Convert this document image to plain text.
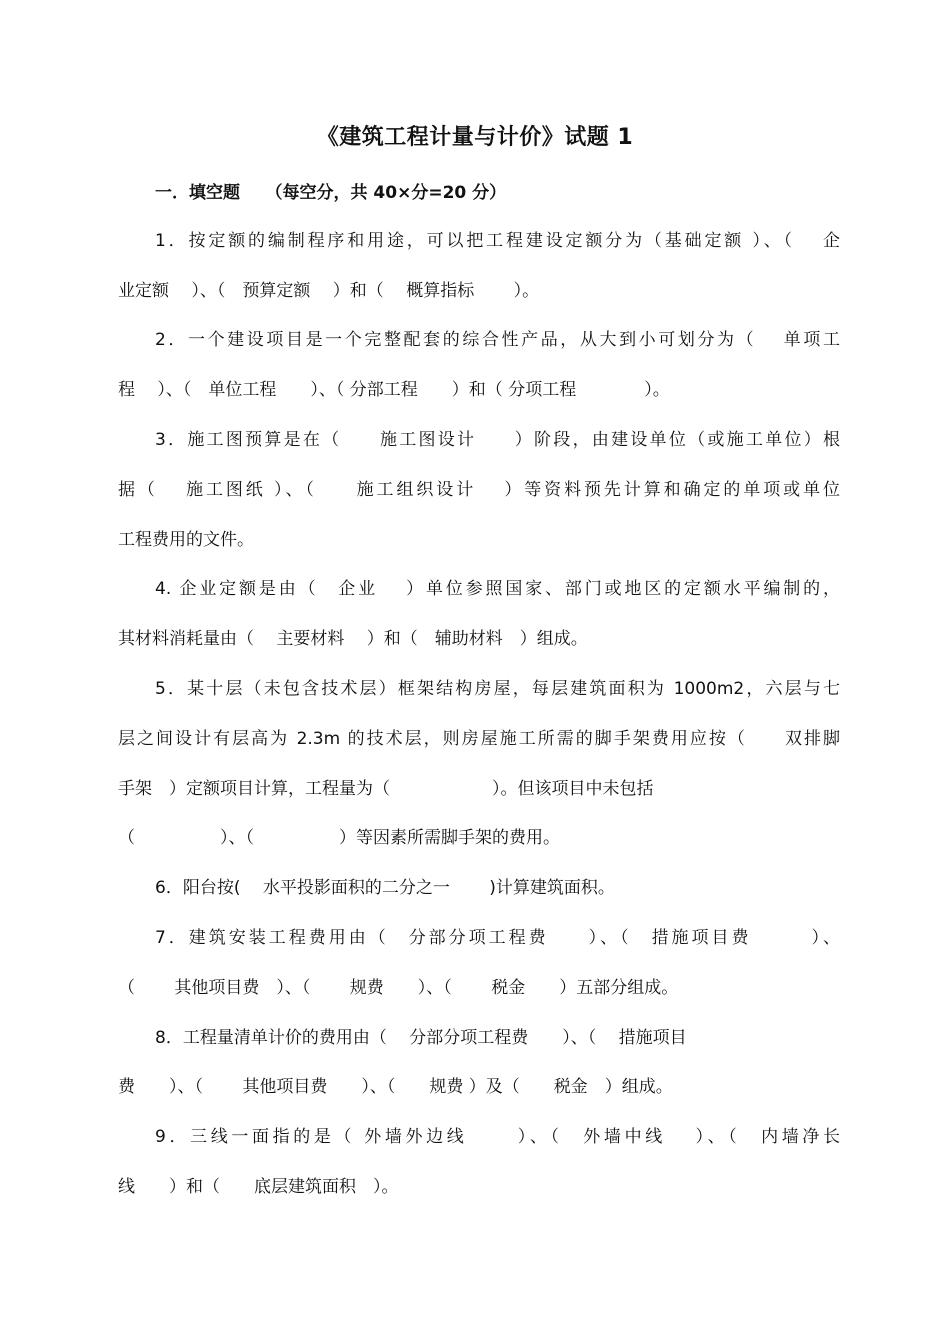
《建筑工程计量与计价》试题 1

一．填空题　　（每空分，共 40×分=20 分）

1．按定额的编制程序和用途，可以把工程建设定额分为（基础定额 ）、（　 企

业定额　 ）、（　预算定额　 ）和（　 概算指标　　 ）。

2．一个建设项目是一个完整配套的综合性产品，从大到小可划分为（　 单项工

程　 ）、（　单位工程　　）、（ 分部工程　　）和（ 分项工程　　　　）。

3．施工图预算是在（　　施工图设计　　）阶段，由建设单位（或施工单位）根

据（　 施工图纸 ）、（　　施工组织设计　 ）等资料预先计算和确定的单项或单位

工程费用的文件。

4. 企业定额是由（　企业　 ）单位参照国家、部门或地区的定额水平编制的，

其材料消耗量由（　 主要材料　 ）和（　辅助材料　）组成。

5．某十层（未包含技术层）框架结构房屋，每层建筑面积为 1000m2，六层与七

层之间设计有层高为 2.3m 的技术层，则房屋施工所需的脚手架费用应按（　　双排脚

手架　）定额项目计算，工程量为（　　　　　　）。但该项目中未包括

（　　　　　）、（　　　　　）等因素所需脚手架的费用。

6．阳台按(　 水平投影面积的二分之一　　 )计算建筑面积。

7．建筑安装工程费用由（　分部分项工程费　　）、（　措施项目费　　　）、

（　　 其他项目费　）、（　　 规费　　）、（　　 税金　　）五部分组成。

8．工程量清单计价的费用由（　 分部分项工程费　　）、（　 措施项目

费　　）、（　　 其他项目费　　）、（　　规费 ）及（　　税金　）组成。

9．三线一面指的是（ 外墙外边线　　 ）、（　外墙中线　 ）、（　内墙净长

线　　）和（　　底层建筑面积　）。
